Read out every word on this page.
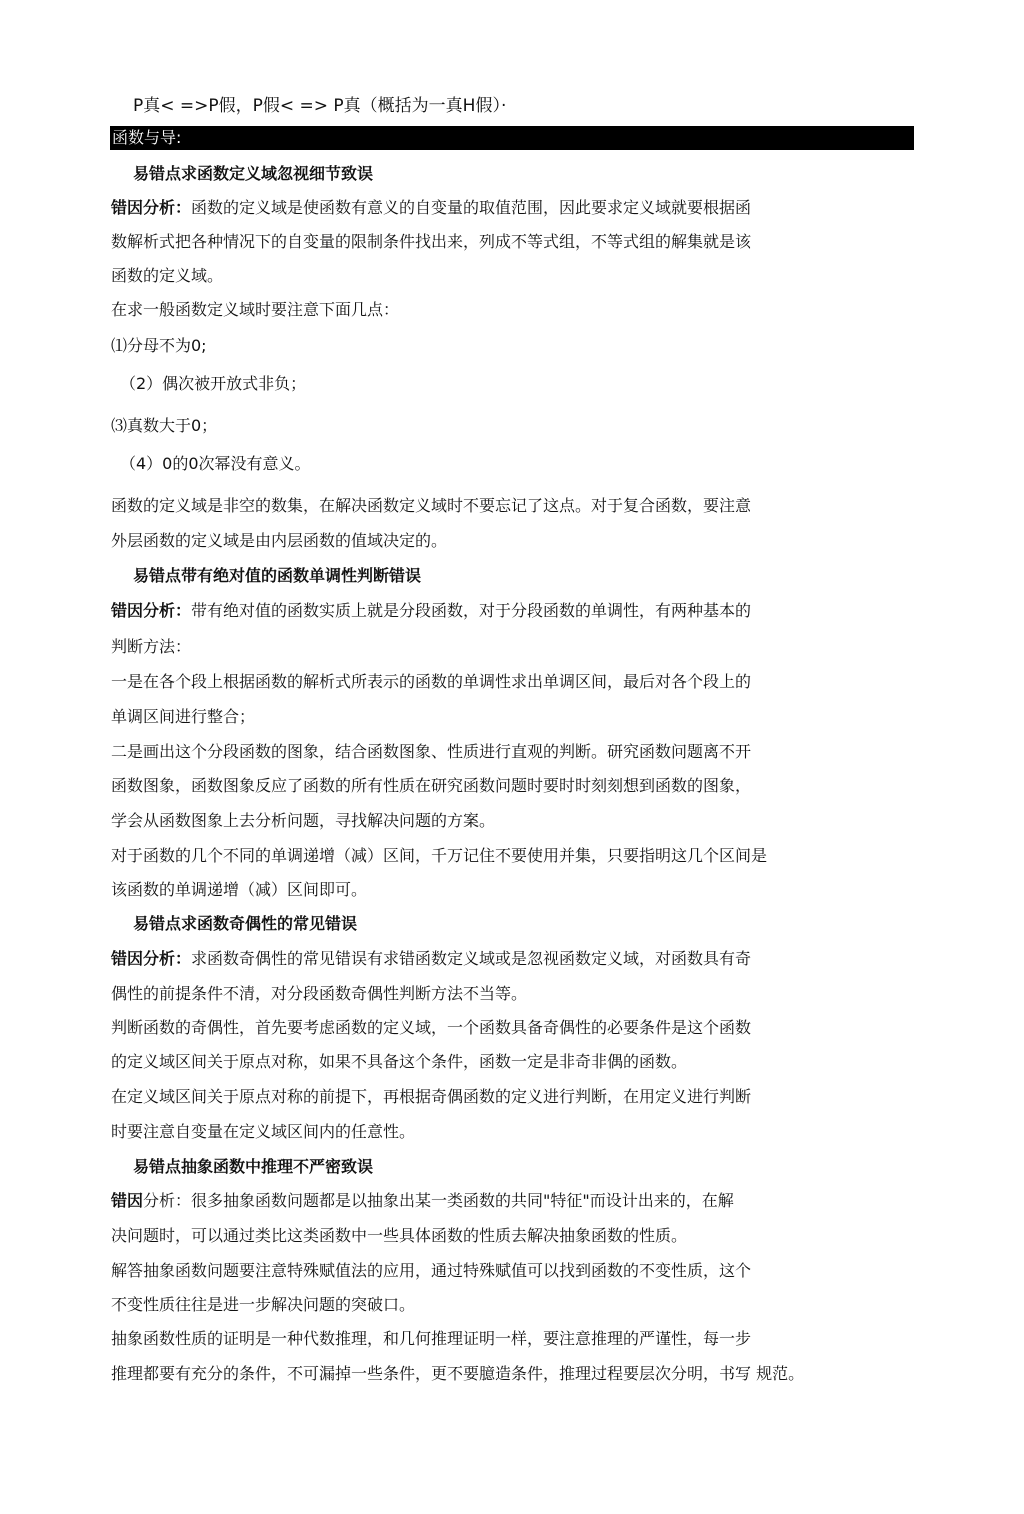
P真< =>P假，P假< => P真（概括为一真H假）·
函数与导:
易错点求函数定义域忽视细节致误
错因分析：函数的定义域是使函数有意义的自变量的取值范围，因此要求定义域就要根据函
数解析式把各种情况下的自变量的限制条件找出来，列成不等式组，不等式组的解集就是该
函数的定义域。
在求一般函数定义域时要注意下面几点：
⑴分母不为0;
（2）偶次被开放式非负；
⑶真数大于0；
（4）0的0次幂没有意义。
函数的定义域是非空的数集，在解决函数定义域时不要忘记了这点。对于复合函数，要注意
外层函数的定义域是由内层函数的值域决定的。
易错点带有绝对值的函数单调性判断错误
错因分析：带有绝对值的函数实质上就是分段函数，对于分段函数的单调性，有两种基本的
判断方法：
一是在各个段上根据函数的解析式所表示的函数的单调性求出单调区间，最后对各个段上的
单调区间进行整合；
二是画出这个分段函数的图象，结合函数图象、性质进行直观的判断。研究函数问题离不开
函数图象，函数图象反应了函数的所有性质在研究函数问题时要时时刻刻想到函数的图象，
学会从函数图象上去分析问题，寻找解决问题的方案。
对于函数的几个不同的单调递增（减）区间，千万记住不要使用并集，只要指明这几个区间是
该函数的单调递增（减）区间即可。
易错点求函数奇偶性的常见错误
错因分析：求函数奇偶性的常见错误有求错函数定义域或是忽视函数定义域，对函数具有奇
偶性的前提条件不清，对分段函数奇偶性判断方法不当等。
判断函数的奇偶性，首先要考虑函数的定义域，一个函数具备奇偶性的必要条件是这个函数
的定义域区间关于原点对称，如果不具备这个条件，函数一定是非奇非偶的函数。
在定义域区间关于原点对称的前提下，再根据奇偶函数的定义进行判断，在用定义进行判断
时要注意自变量在定义域区间内的任意性。
易错点抽象函数中推理不严密致误
错因分析：很多抽象函数问题都是以抽象出某一类函数的共同"特征"而设计出来的，在解
决问题时，可以通过类比这类函数中一些具体函数的性质去解决抽象函数的性质。
解答抽象函数问题要注意特殊赋值法的应用，通过特殊赋值可以找到函数的不变性质，这个
不变性质往往是进一步解决问题的突破口。
抽象函数性质的证明是一种代数推理，和几何推理证明一样，要注意推理的严谨性，每一步
推理都要有充分的条件，不可漏掉一些条件，更不要臆造条件，推理过程要层次分明，书写 规范。
